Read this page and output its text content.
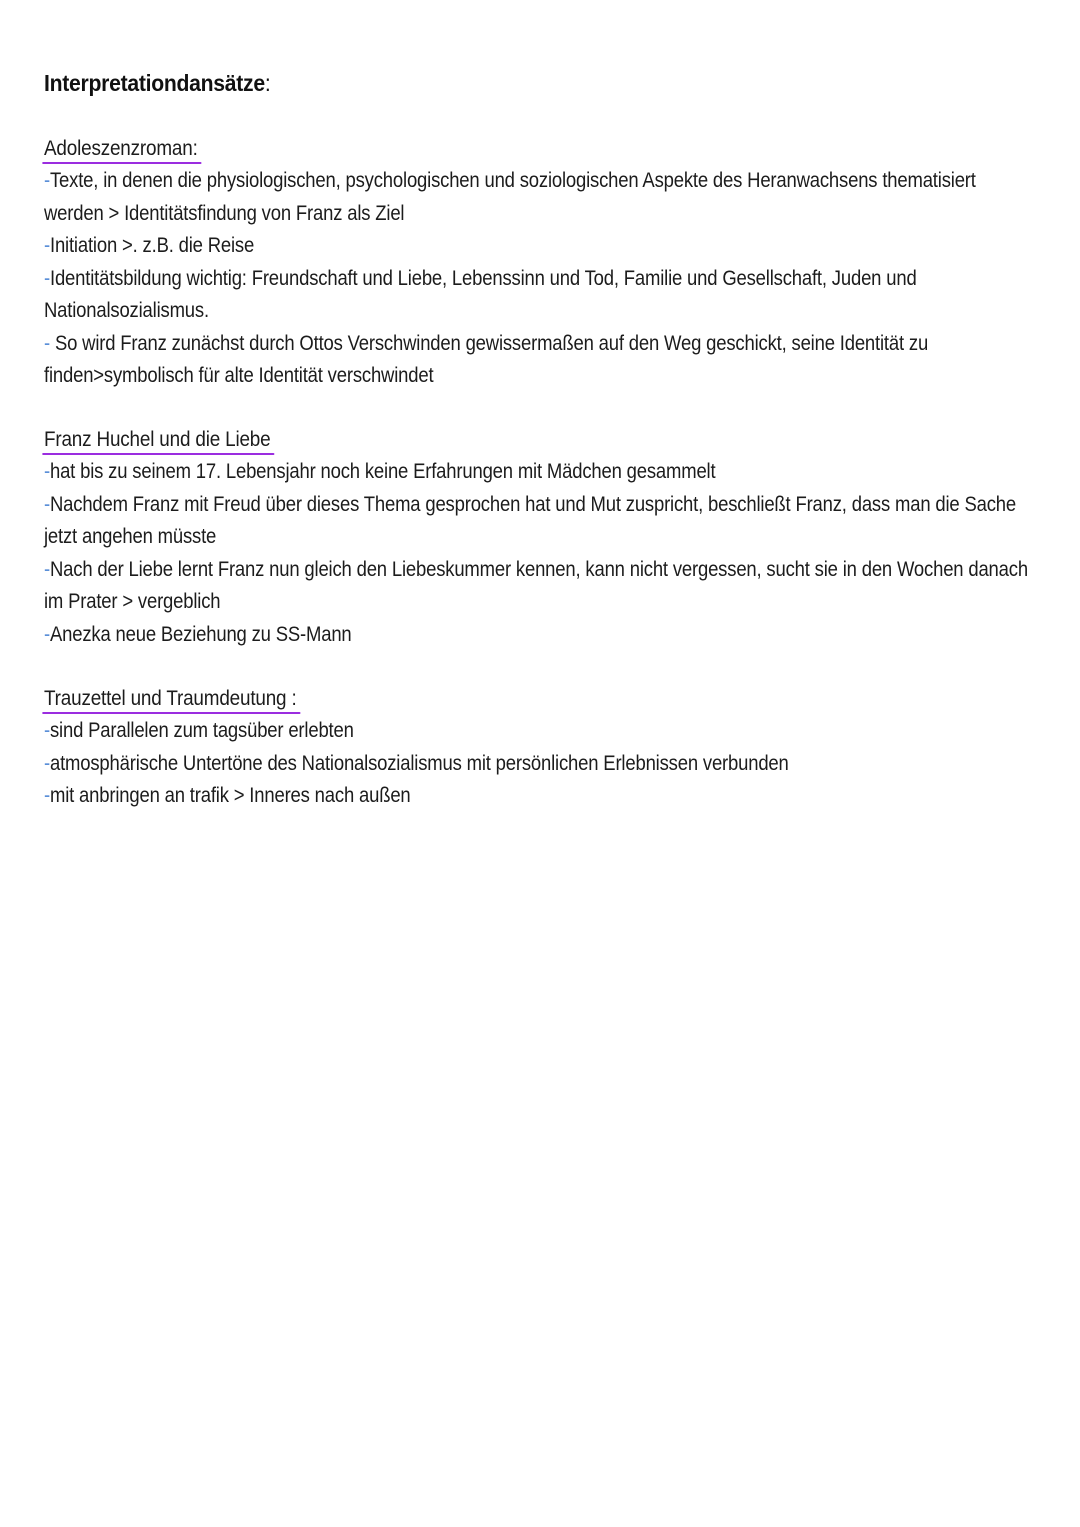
Interpretationdansätze:
Adoleszenzroman:
-Texte, in denen die physiologischen, psychologischen und soziologischen Aspekte des Heranwachsens thematisiert
werden > Identitätsfindung von Franz als Ziel
-Initiation >. z.B. die Reise
-Identitätsbildung wichtig: Freundschaft und Liebe, Lebenssinn und Tod, Familie und Gesellschaft, Juden und
Nationalsozialismus.
- So wird Franz zunächst durch Ottos Verschwinden gewissermaßen auf den Weg geschickt, seine Identität zu
finden>symbolisch für alte Identität verschwindet
Franz Huchel und die Liebe
-hat bis zu seinem 17. Lebensjahr noch keine Erfahrungen mit Mädchen gesammelt
-Nachdem Franz mit Freud über dieses Thema gesprochen hat und Mut zuspricht, beschließt Franz, dass man die Sache
jetzt angehen müsste
-Nach der Liebe lernt Franz nun gleich den Liebeskummer kennen, kann nicht vergessen, sucht sie in den Wochen danach
im Prater > vergeblich
-Anezka neue Beziehung zu SS-Mann
Trauzettel und Traumdeutung :
-sind Parallelen zum tagsüber erlebten
-atmosphärische Untertöne des Nationalsozialismus mit persönlichen Erlebnissen verbunden
-mit anbringen an trafik > Inneres nach außen
